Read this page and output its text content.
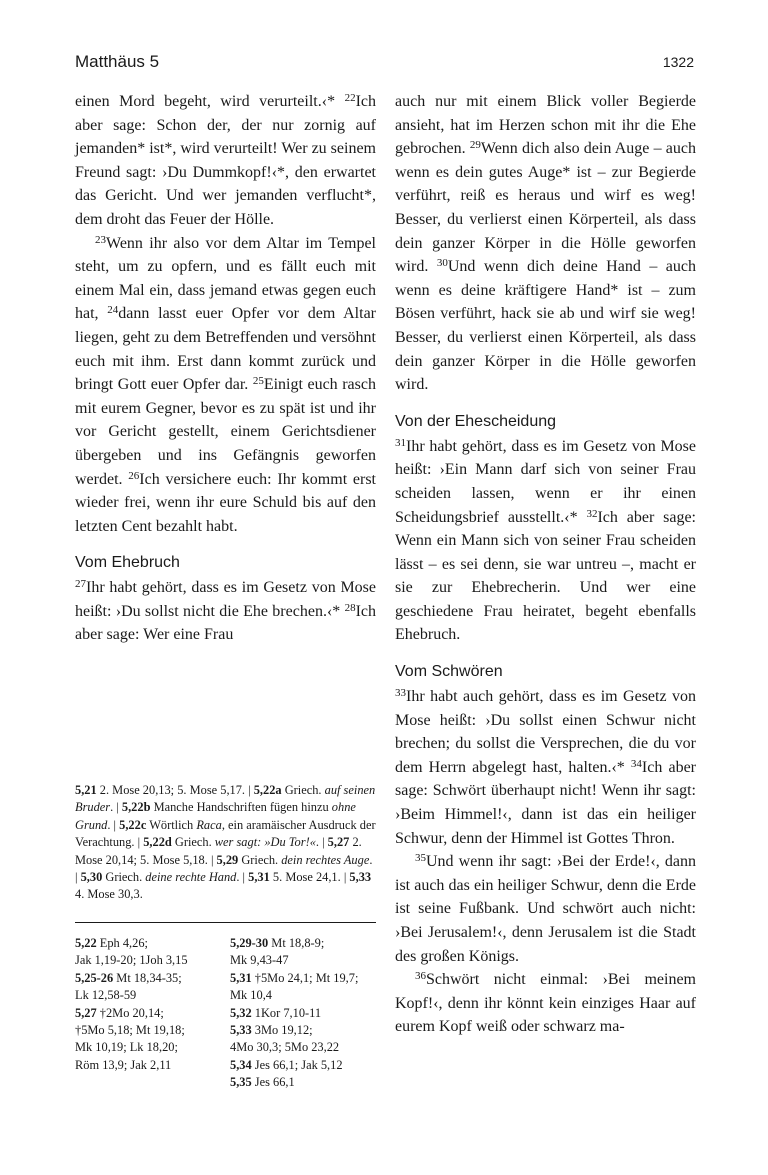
Matthäus 5	1322

einen Mord begeht, wird verurteilt.‹* $^{22}$Ich aber sage: Schon der, der nur zornig auf jemanden* ist*, wird verurteilt! Wer zu seinem Freund sagt: ›Du Dummkopf!‹*, den erwartet das Gericht. Und wer jemanden verflucht*, dem droht das Feuer der Hölle.

$^{23}$Wenn ihr also vor dem Altar im Tempel steht, um zu opfern, und es fällt euch mit einem Mal ein, dass jemand etwas gegen euch hat, $^{24}$dann lasst euer Opfer vor dem Altar liegen, geht zu dem Betreffenden und versöhnt euch mit ihm. Erst dann kommt zurück und bringt Gott euer Opfer dar. $^{25}$Einigt euch rasch mit eurem Gegner, bevor es zu spät ist und ihr vor Gericht gestellt, einem Gerichtsdiener übergeben und ins Gefängnis geworfen werdet. $^{26}$Ich versichere euch: Ihr kommt erst wieder frei, wenn ihr eure Schuld bis auf den letzten Cent bezahlt habt.

Vom Ehebruch

$^{27}$Ihr habt gehört, dass es im Gesetz von Mose heißt: ›Du sollst nicht die Ehe brechen.‹* $^{28}$Ich aber sage: Wer eine Frau

auch nur mit einem Blick voller Begierde ansieht, hat im Herzen schon mit ihr die Ehe gebrochen. $^{29}$Wenn dich also dein Auge – auch wenn es dein gutes Auge* ist – zur Begierde verführt, reiß es heraus und wirf es weg! Besser, du verlierst einen Körperteil, als dass dein ganzer Körper in die Hölle geworfen wird. $^{30}$Und wenn dich deine Hand – auch wenn es deine kräftigere Hand* ist – zum Bösen verführt, hack sie ab und wirf sie weg! Besser, du verlierst einen Körperteil, als dass dein ganzer Körper in die Hölle geworfen wird.

Von der Ehescheidung

$^{31}$Ihr habt gehört, dass es im Gesetz von Mose heißt: ›Ein Mann darf sich von seiner Frau scheiden lassen, wenn er ihr einen Scheidungsbrief ausstellt.‹* $^{32}$Ich aber sage: Wenn ein Mann sich von seiner Frau scheiden lässt – es sei denn, sie war untreu –, macht er sie zur Ehebrecherin. Und wer eine geschiedene Frau heiratet, begeht ebenfalls Ehebruch.

Vom Schwören

$^{33}$Ihr habt auch gehört, dass es im Gesetz von Mose heißt: ›Du sollst einen Schwur nicht brechen; du sollst die Versprechen, die du vor dem Herrn abgelegt hast, halten.‹* $^{34}$Ich aber sage: Schwört überhaupt nicht! Wenn ihr sagt: ›Beim Himmel!‹, dann ist das ein heiliger Schwur, denn der Himmel ist Gottes Thron.

$^{35}$Und wenn ihr sagt: ›Bei der Erde!‹, dann ist auch das ein heiliger Schwur, denn die Erde ist seine Fußbank. Und schwört auch nicht: ›Bei Jerusalem!‹, denn Jerusalem ist die Stadt des großen Königs.

$^{36}$Schwört nicht einmal: ›Bei meinem Kopf!‹, denn ihr könnt kein einziges Haar auf eurem Kopf weiß oder schwarz ma-

5,21 2. Mose 20,13; 5. Mose 5,17. | 5,22a Griech. auf seinen Bruder. | 5,22b Manche Handschriften fügen hinzu ohne Grund. | 5,22c Wörtlich Raca, ein aramäischer Ausdruck der Verachtung. | 5,22d Griech. wer sagt: »Du Tor!«. | 5,27 2. Mose 20,14; 5. Mose 5,18. | 5,29 Griech. dein rechtes Auge. | 5,30 Griech. deine rechte Hand. | 5,31 5. Mose 24,1. | 5,33 4. Mose 30,3.
5,22 Eph 4,26;
Jak 1,19-20; 1Joh 3,15
5,25-26 Mt 18,34-35;
Lk 12,58-59
5,27 †2Mo 20,14;
†5Mo 5,18; Mt 19,18;
Mk 10,19; Lk 18,20;
Röm 13,9; Jak 2,11
5,29-30 Mt 18,8-9;
Mk 9,43-47
5,31 †5Mo 24,1; Mt 19,7;
Mk 10,4
5,32 1Kor 7,10-11
5,33 3Mo 19,12;
4Mo 30,3; 5Mo 23,22
5,34 Jes 66,1; Jak 5,12
5,35 Jes 66,1
